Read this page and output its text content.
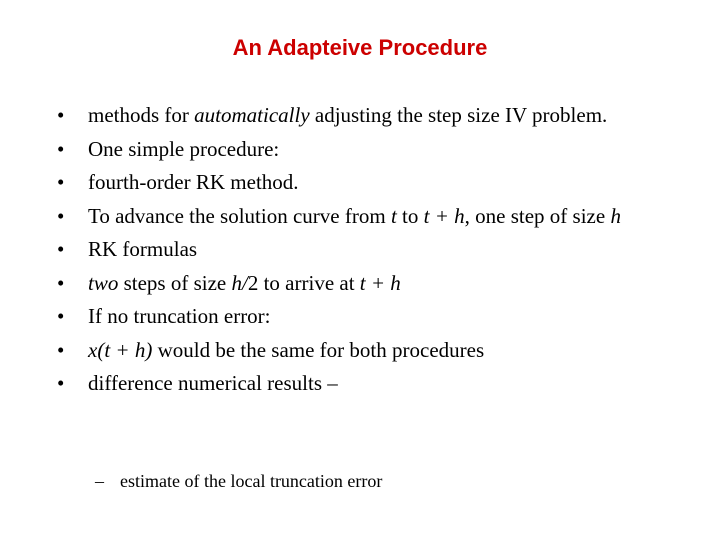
An Adapteive Procedure
• methods for automatically adjusting the step size IV problem.
• One simple procedure:
• fourth-order RK method.
• To advance the solution curve from t to t + h, one step of size h
• RK formulas
• two steps of size h/2 to arrive at t + h
• If no truncation error:
• x(t + h) would be the same for both procedures
• difference numerical results –
– estimate of the local truncation error
